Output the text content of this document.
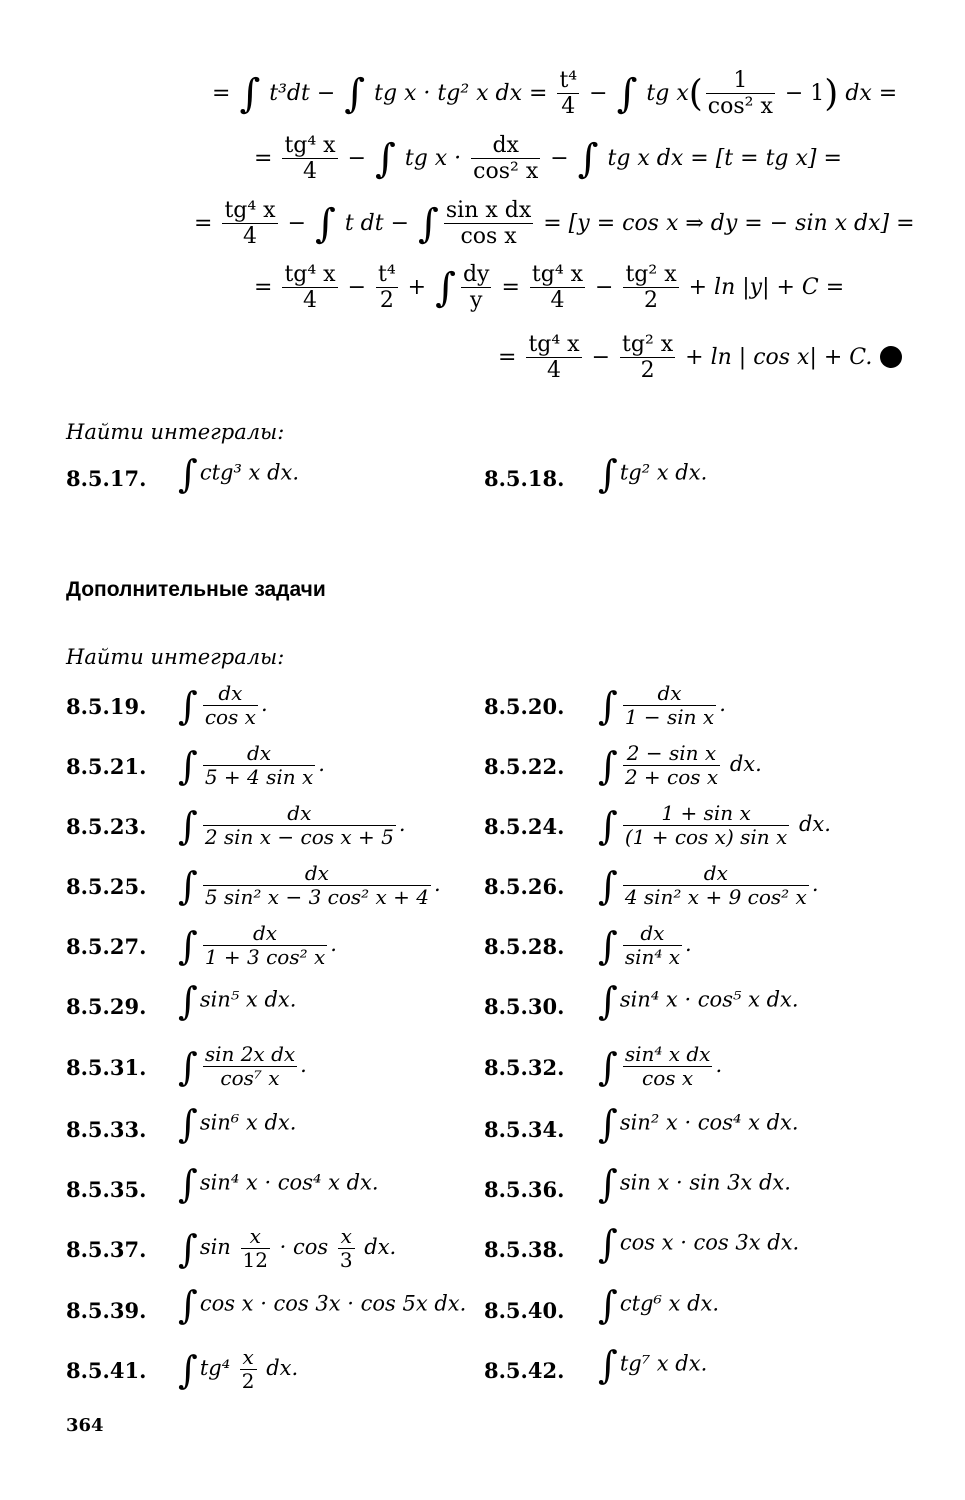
= ∫ t³dt − ∫ tg x · tg² x dx = $\frac{\text{t⁴}}{4}$ − ∫ tg $x( \frac{1}{\text{cos² x}} - 1)$ dx =
= $\frac{\text{tg⁴ x}}{4}$ − ∫ tg $x \cdot \frac{dx}{\text{cos² x}}$ − ∫ tg x dx = [t = tg x] =
= $\frac{\text{tg⁴ x}}{4}$ − ∫ t dt − ∫ $\frac{\text{sin x dx}}{\text{cos x}} = [y = \cos x$ ⇒ dy = − sin x dx] =
= $\frac{\text{tg⁴ x}}{4} - \frac{\text{t⁴}}{2}$ + ∫ $\frac{dy}{y} = \frac{\text{tg⁴ x}}{4} - \frac{\text{tg² x}}{2} + \ln |y| + C$ =
= $\frac{\text{tg⁴ x}}{4} - \frac{\text{tg² x}}{2} + \ln$ | cos x| + C.
Найти интегралы:
8.5.17. ∫ctg³ x dx.	8.5.18. ∫tg² x dx.
Дополнительные задачи
Найти интегралы:
8.5.19. ∫ $\frac{dx}{\text{cos x}}$ .	8.5.20. ∫ $\frac{dx}{\text{1 − sin x}}$ .
8.5.21. ∫ $\frac{dx}{\text{5 + 4 sin x}}$ .	8.5.22. ∫ $\frac{\text{2 − sin x}}{\text{2 + cos x}}$ dx.
8.5.23. ∫ $\frac{dx}{\text{2 sin x − cos x + 5}}$ .	8.5.24. ∫ $\frac{\text{1 + sin x}}{\text{(1 + cos x) sin x}}$ dx.
8.5.25. ∫ $\frac{dx}{\text{5 sin² x − 3 cos² x + 4}}$ . 8.5.26. ∫ $\frac{dx}{\text{4 sin² x + 9 cos² x}}$ .
8.5.27. ∫ $\frac{dx}{\text{1 + 3 cos² x}}$ .	8.5.28. ∫ $\frac{dx}{\text{sin⁴ x}}$ .
8.5.29. ∫sin⁵ x dx.	8.5.30. ∫sin⁴ x · cos⁵ x dx.
8.5.31. ∫ $\frac{\text{sin 2x dx}}{\text{cos⁷ x}}$ .	8.5.32. ∫ $\frac{\text{sin⁴ x dx}}{\text{cos x}}$ .
8.5.33. ∫sin⁶ x dx.	8.5.34. ∫sin² x · cos⁴ x dx.
8.5.35. ∫sin⁴ x · cos⁴ x dx.	8.5.36. ∫sin x · sin 3x dx.
8.5.37. $\int\sin \frac{x}{12} \cdot \cos \frac{x}{3}$ dx.	8.5.38. ∫cos x · cos 3x dx.
8.5.39. ∫cos x · cos 3x · cos 5x dx. 8.5.40. ∫ctg⁶ x dx.
8.5.41. $\int tg^4 \frac{x}{2}$ dx.	8.5.42. ∫tg⁷ x dx.
364
